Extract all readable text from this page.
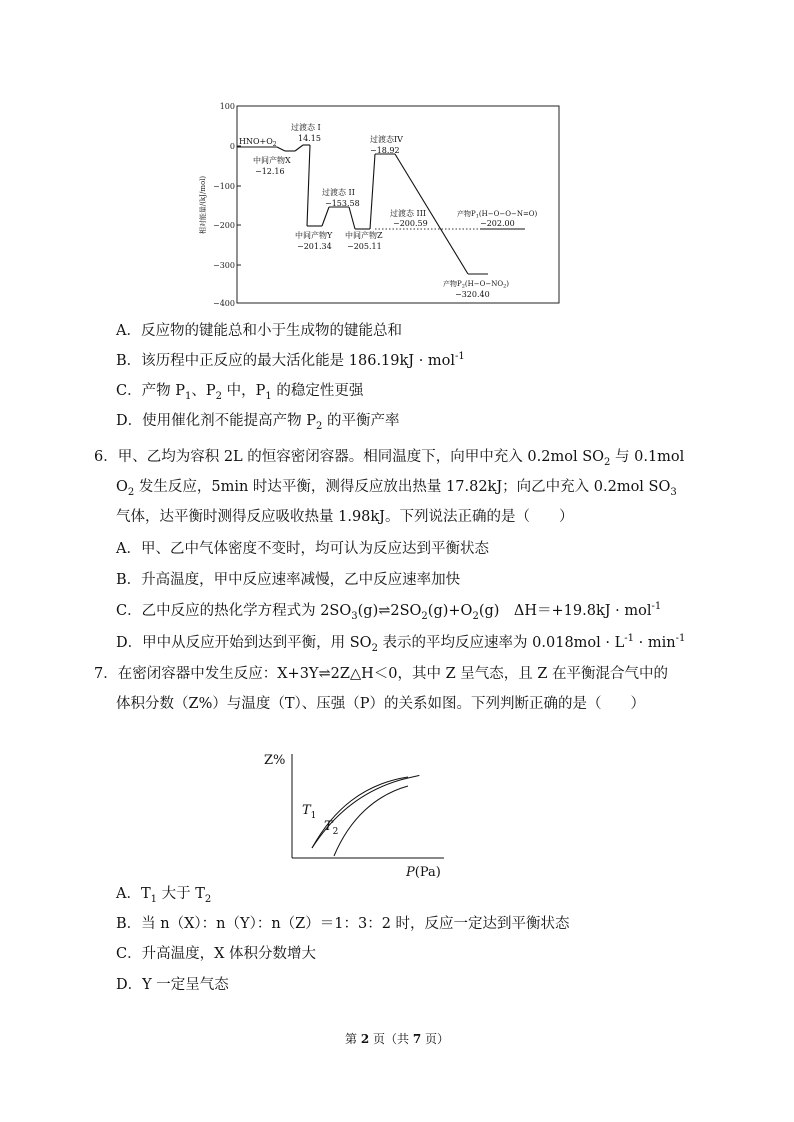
100
0
−100
−200
−300
−400
相对能量/(kJ/mol)
$HNO+O_2$
过渡态 I
14.15
中间产物X
−12.16
过渡态 II
−153.58
中间产物Y
−201.34
中间产物Z
−205.11
过渡态IV
−18.92
过渡态 III
−200.59
产物$P_1(H-O-O-N=O)$
−202.00
产物$P_2(H-O-NO_2)$
−320.40
A．反应物的键能总和小于生成物的键能总和
B．该历程中正反应的最大活化能是 186.19kJ · mol$^{-1}$
C．产物 $P_1$、$P_2$ 中，$P_1$ 的稳定性更强
D．使用催化剂不能提高产物 $P_2$ 的平衡产率
6．甲、乙均为容积 2L 的恒容密闭容器。相同温度下，向甲中充入 0.2mol $SO_2$ 与 0.1mol
$O_2$ 发生反应，5min 时达平衡，测得反应放出热量 17.82kJ；向乙中充入 0.2mol $SO_3$
气体，达平衡时测得反应吸收热量 1.98kJ。下列说法正确的是（　　）
A．甲、乙中气体密度不变时，均可认为反应达到平衡状态
B．升高温度，甲中反应速率减慢，乙中反应速率加快
C．乙中反应的热化学方程式为 $2SO_3(g)\rightleftharpoons 2SO_2(g)+O_2(g)$　ΔH＝+19.8kJ · mol$^{-1}$
D．甲中从反应开始到达到平衡，用 $SO_2$ 表示的平均反应速率为 $0.018mol \cdot L^{-1} \cdot \min^{-1}$
7．在密闭容器中发生反应：X+3Y⇌2Z△H＜0，其中 Z 呈气态，且 Z 在平衡混合气中的
体积分数（Z%）与温度（T）、压强（P）的关系如图。下列判断正确的是（　　）
Z%
$T_1$
$T_2$
P(Pa)
A．$T_1$ 大于 $T_2$
B．当 n（X）：n（Y）：n（Z）＝1：3：2 时，反应一定达到平衡状态
C．升高温度，X 体积分数增大
D．Y 一定呈气态
第 2 页（共 7 页）
